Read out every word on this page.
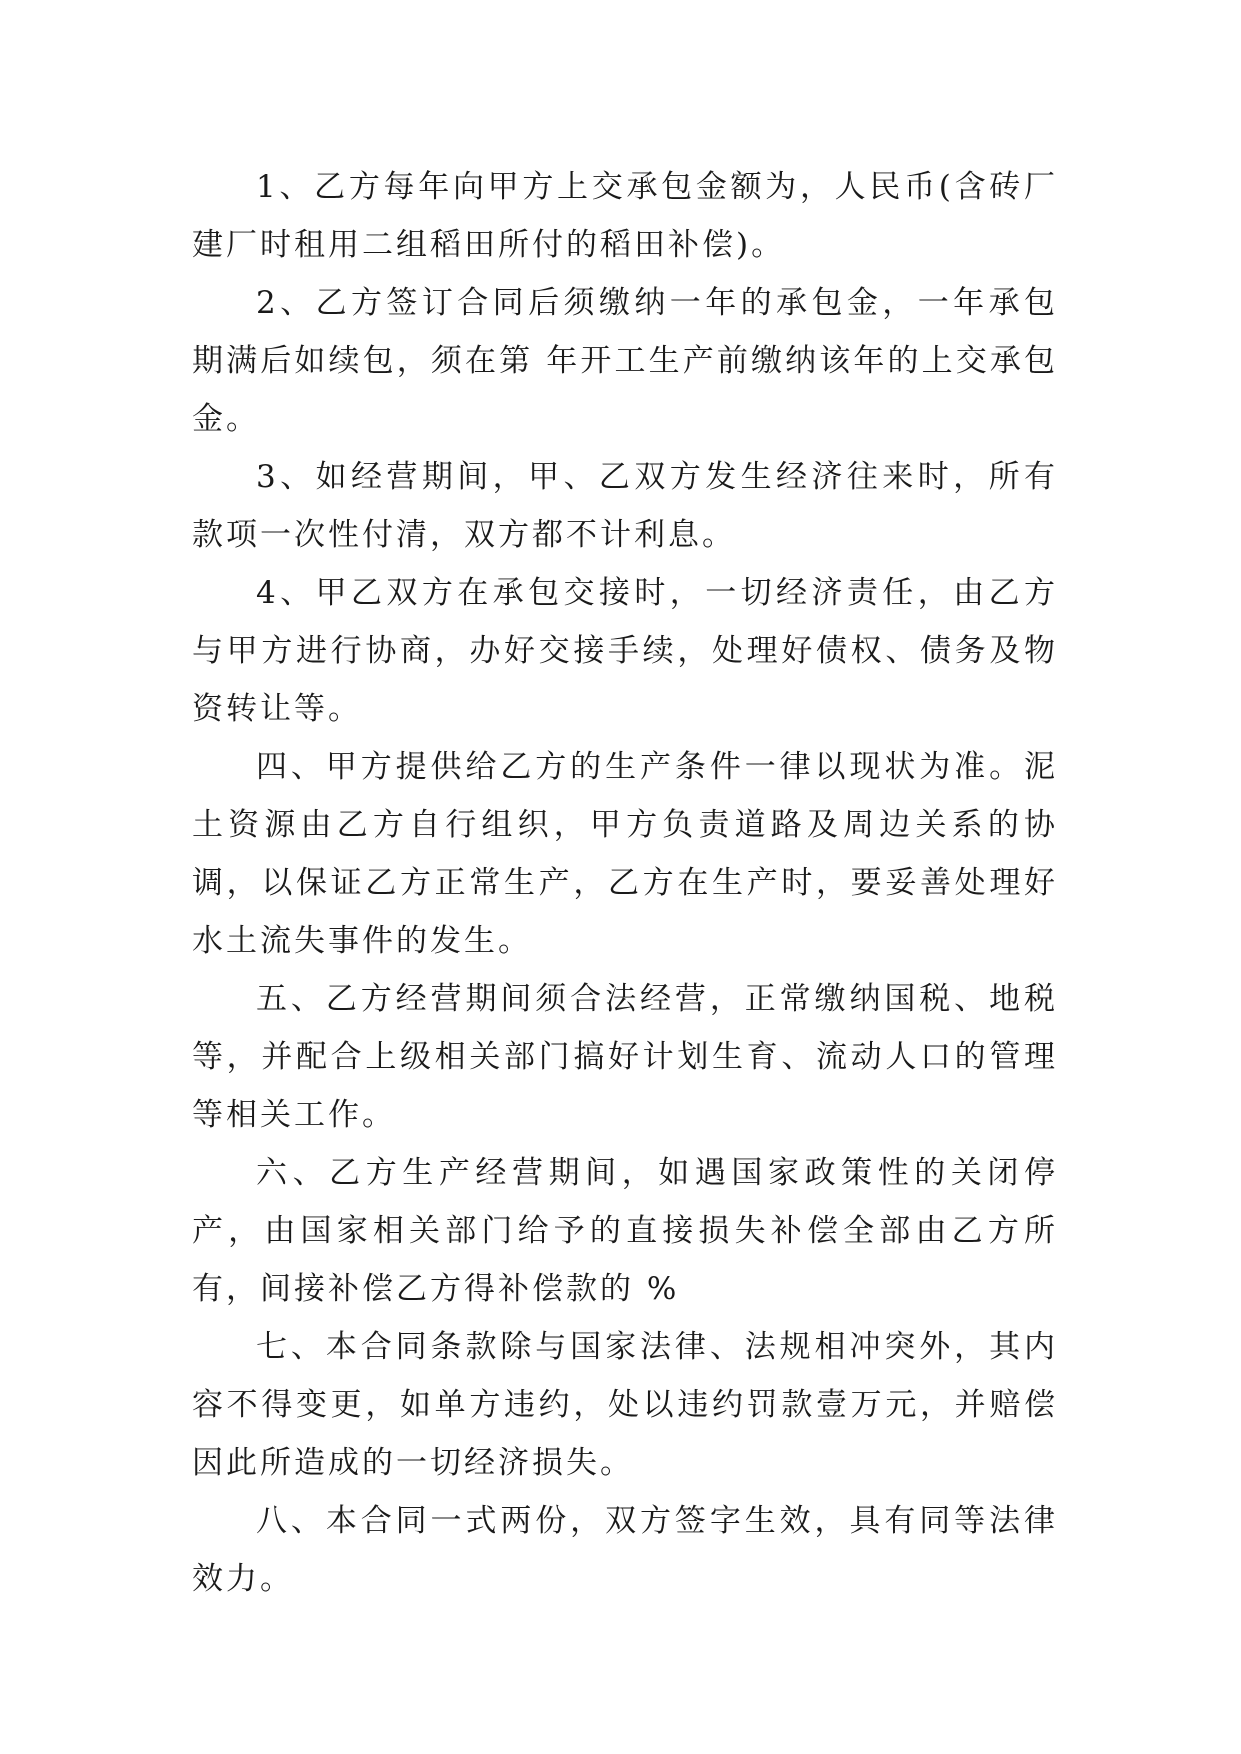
1、乙方每年向甲方上交承包金额为，人民币(含砖厂建厂时租用二组稻田所付的稻田补偿)。

2、乙方签订合同后须缴纳一年的承包金，一年承包期满后如续包，须在第 年开工生产前缴纳该年的上交承包金。

3、如经营期间，甲、乙双方发生经济往来时，所有款项一次性付清，双方都不计利息。

4、甲乙双方在承包交接时，一切经济责任，由乙方与甲方进行协商，办好交接手续，处理好债权、债务及物资转让等。

四、甲方提供给乙方的生产条件一律以现状为准。泥土资源由乙方自行组织，甲方负责道路及周边关系的协调，以保证乙方正常生产，乙方在生产时，要妥善处理好水土流失事件的发生。

五、乙方经营期间须合法经营，正常缴纳国税、地税等，并配合上级相关部门搞好计划生育、流动人口的管理等相关工作。

六、乙方生产经营期间，如遇国家政策性的关闭停产，由国家相关部门给予的直接损失补偿全部由乙方所有，间接补偿乙方得补偿款的 %

七、本合同条款除与国家法律、法规相冲突外，其内容不得变更，如单方违约，处以违约罚款壹万元，并赔偿因此所造成的一切经济损失。

八、本合同一式两份，双方签字生效，具有同等法律效力。
